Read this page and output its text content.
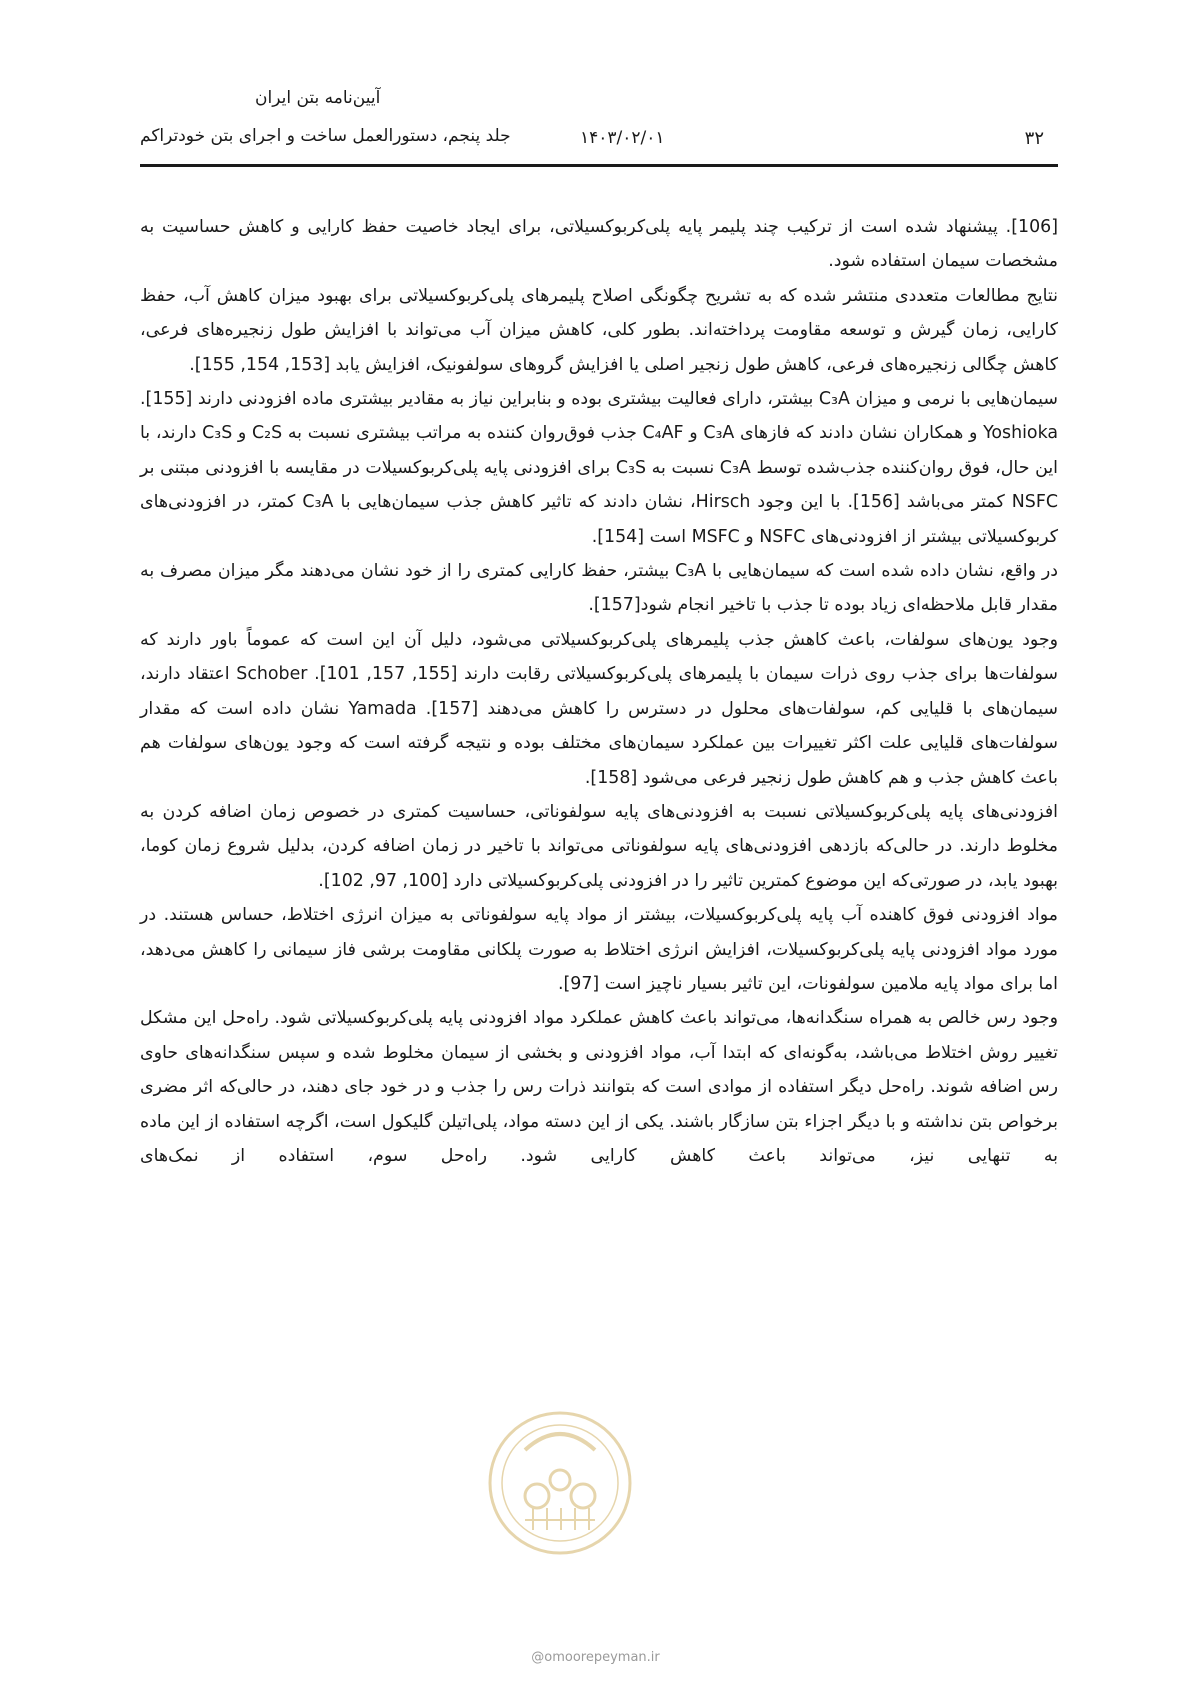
آیین‌نامه بتن ایران
جلد پنجم، دستورالعمل ساخت و اجرای بتن خودتراکم	۱۴۰۳/۰۲/۰۱	۳۲

[106]. پیشنهاد شده است از ترکیب چند پلیمر پایه پلی‌کربوکسیلاتی، برای ایجاد خاصیت حفظ کارایی و کاهش حساسیت به مشخصات سیمان استفاده شود.

نتایج مطالعات متعددی منتشر شده که به تشریح چگونگی اصلاح پلیمرهای پلی‌کربوکسیلاتی برای بهبود میزان کاهش آب، حفظ کارایی، زمان گیرش و توسعه مقاومت پرداخته‌اند. بطور کلی، کاهش میزان آب می‌تواند با افزایش طول زنجیره‌های فرعی، کاهش چگالی زنجیره‌های فرعی، کاهش طول زنجیر اصلی یا افزایش گروهای سولفونیک، افزایش یابد [153, 154, 155].

سیمان‌هایی با نرمی و میزان C₃A بیشتر، دارای فعالیت بیشتری بوده و بنابراین نیاز به مقادیر بیشتری ماده افزودنی دارند [155]. Yoshioka و همکاران نشان دادند که فازهای C₃A و C₄AF جذب فوق‌روان کننده به مراتب بیشتری نسبت به C₂S و C₃S دارند، با این حال، فوق روان‌کننده جذب‌شده توسط C₃A نسبت به C₃S برای افزودنی پایه پلی‌کربوکسیلات در مقایسه با افزودنی مبتنی بر NSFC کمتر می‌باشد [156]. با این وجود Hirsch، نشان دادند که تاثیر کاهش جذب سیمان‌هایی با C₃A کمتر، در افزودنی‌های کربوکسیلاتی بیشتر از افزودنی‌های NSFC و MSFC است [154].

در واقع، نشان داده شده است که سیمان‌هایی با C₃A بیشتر، حفظ کارایی کمتری را از خود نشان می‌دهند مگر میزان مصرف به مقدار قابل ملاحظه‌ای زیاد بوده تا جذب با تاخیر انجام شود[157].

وجود یون‌های سولفات، باعث کاهش جذب پلیمرهای پلی‌کربوکسیلاتی می‌شود، دلیل آن این است که عموماً باور دارند که سولفات‌ها برای جذب روی ذرات سیمان با پلیمرهای پلی‌کربوکسیلاتی رقابت دارند [155, 157, 101]. Schober اعتقاد دارند، سیمان‌های با قلیایی کم، سولفات‌های محلول در دسترس را کاهش می‌دهند [157]. Yamada نشان داده است که مقدار سولفات‌های قلیایی علت اکثر تغییرات بین عملکرد سیمان‌های مختلف بوده و نتیجه گرفته است که وجود یون‌های سولفات هم باعث کاهش جذب و هم کاهش طول زنجیر فرعی می‌شود [158].

افزودنی‌های پایه پلی‌کربوکسیلاتی نسبت به افزودنی‌های پایه سولفوناتی، حساسیت کمتری در خصوص زمان اضافه کردن به مخلوط دارند. در حالی‌که بازدهی افزودنی‌های پایه سولفوناتی می‌تواند با تاخیر در زمان اضافه کردن، بدلیل شروع زمان کوما، بهبود یابد، در صورتی‌که این موضوع کمترین تاثیر را در افزودنی پلی‌کربوکسیلاتی دارد [100, 97, 102].

مواد افزودنی فوق کاهنده آب پایه پلی‌کربوکسیلات، بیشتر از مواد پایه سولفوناتی به میزان انرژی اختلاط، حساس هستند. در مورد مواد افزودنی پایه پلی‌کربوکسیلات، افزایش انرژی اختلاط به صورت پلکانی مقاومت برشی فاز سیمانی را کاهش می‌دهد، اما برای مواد پایه ملامین سولفونات، این تاثیر بسیار ناچیز است [97].

وجود رس خالص به همراه سنگدانه‌ها، می‌تواند باعث کاهش عملکرد مواد افزودنی پایه پلی‌کربوکسیلاتی شود. راه‌حل این مشکل تغییر روش اختلاط می‌باشد، به‌گونه‌ای که ابتدا آب، مواد افزودنی و بخشی از سیمان مخلوط شده و سپس سنگدانه‌های حاوی رس اضافه شوند. راه‌حل دیگر استفاده از موادی است که بتوانند ذرات رس را جذب و در خود جای دهند، در حالی‌که اثر مضری برخواص بتن نداشته و با دیگر اجزاء بتن سازگار باشند. یکی از این دسته مواد، پلی‌اتیلن گلیکول است، اگرچه استفاده از این ماده به تنهایی نیز، می‌تواند باعث کاهش کارایی شود. راه‌حل سوم، استفاده از نمک‌های

@omoorepeyman.ir
